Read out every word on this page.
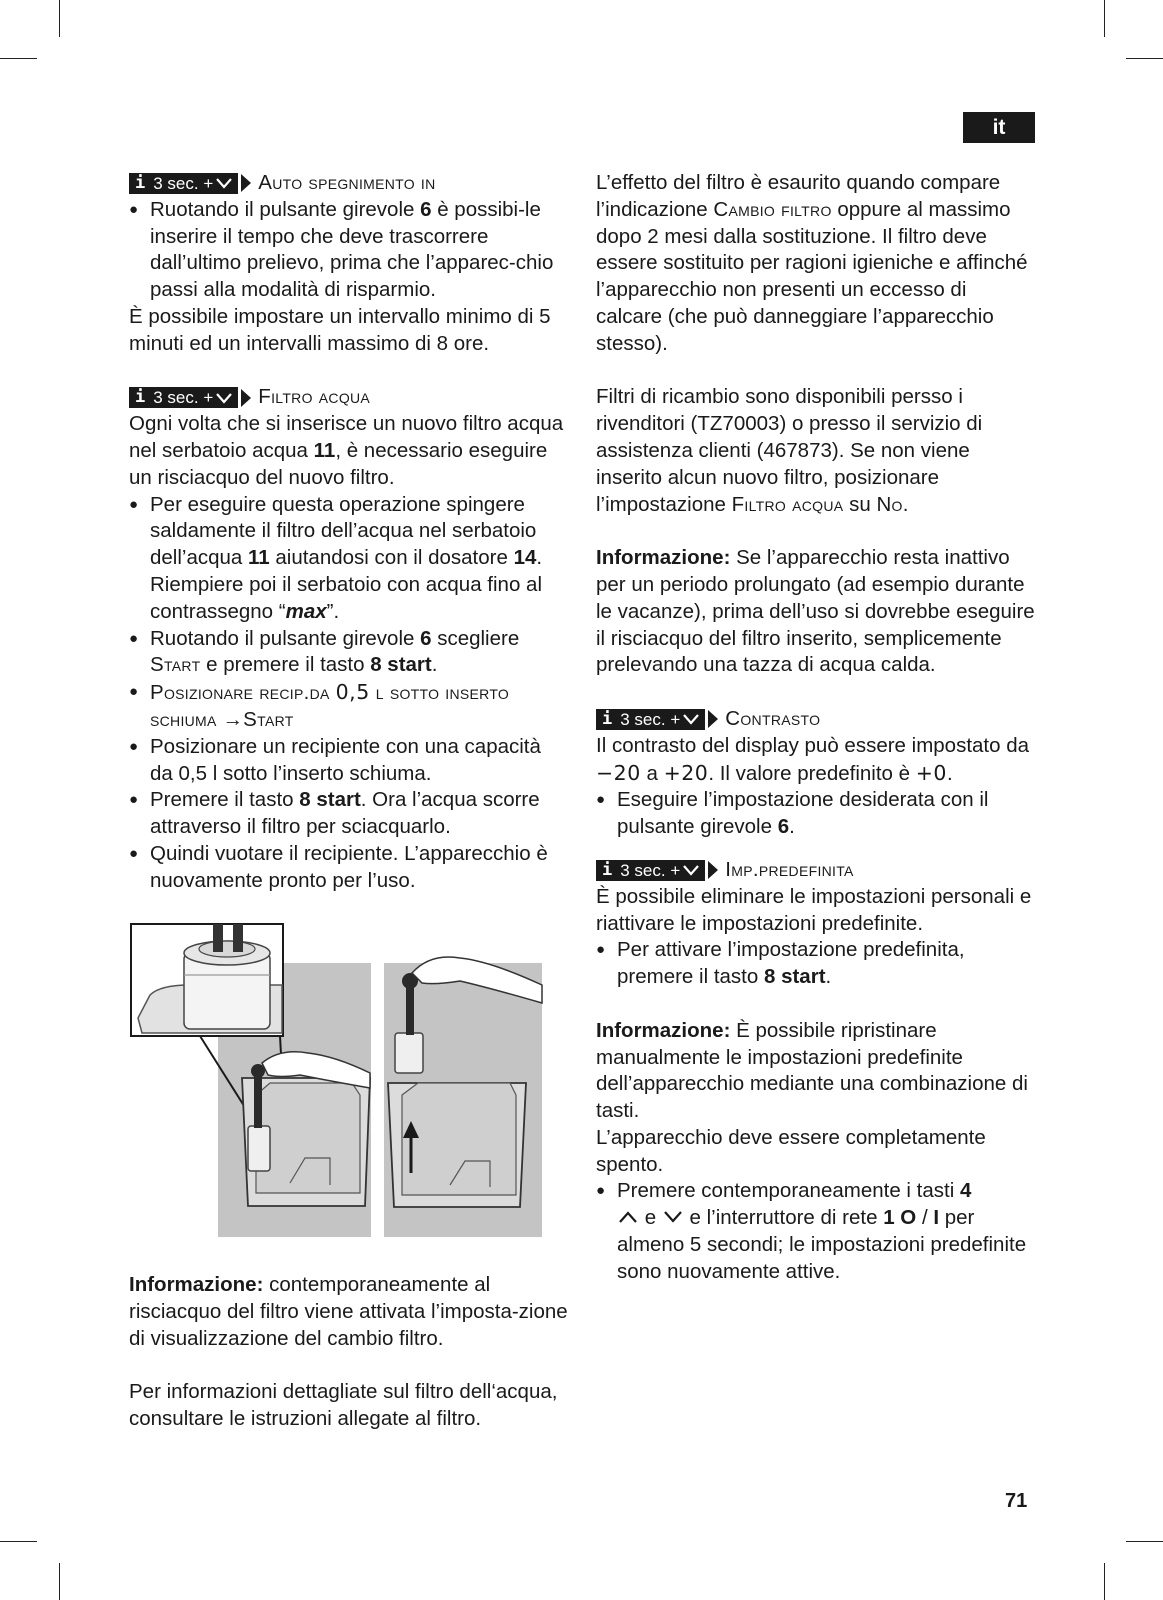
it
i 3 sec. + Auto spegnimento in
● Ruotando il pulsante girevole 6 è possibi-le inserire il tempo che deve trascorrere dall’ultimo prelievo, prima che l’apparec-chio passi alla modalità di risparmio.

È possibile impostare un intervallo minimo di 5 minuti ed un intervalli massimo di 8 ore.

i 3 sec. + Filtro acqua

Ogni volta che si inserisce un nuovo filtro acqua nel serbatoio acqua 11, è necessario eseguire un risciacquo del nuovo filtro.

● Per eseguire questa operazione spingere saldamente il filtro dell’acqua nel serbatoio dell’acqua 11 aiutandosi con il dosatore 14. Riempiere poi il serbatoio con acqua fino al contrassegno “max”.
● Ruotando il pulsante girevole 6 scegliere Start e premere il tasto 8 start.
● Posizionare recip.da 0,5 l sotto inserto schiuma →Start
● Posizionare un recipiente con una capacità da 0,5 l sotto l’inserto schiuma.
● Premere il tasto 8 start. Ora l’acqua scorre attraverso il filtro per sciacquarlo.
● Quindi vuotare il recipiente. L’apparecchio è nuovamente pronto per l’uso.

Informazione: contemporaneamente al risciacquo del filtro viene attivata l’imposta-zione di visualizzazione del cambio filtro.

Per informazioni dettagliate sul filtro dell‘acqua, consultare le istruzioni allegate al filtro.

L’effetto del filtro è esaurito quando compare l’indicazione Cambio filtro oppure al massimo dopo 2 mesi dalla sostituzione. Il filtro deve essere sostituito per ragioni igieniche e affinché l’apparecchio non presenti un eccesso di calcare (che può danneggiare l’apparecchio stesso).

Filtri di ricambio sono disponibili persso i rivenditori (TZ70003) o presso il servizio di assistenza clienti (467873). Se non viene inserito alcun nuovo filtro, posizionare l’impostazione Filtro acqua su No.

Informazione: Se l’apparecchio resta inattivo per un periodo prolungato (ad esempio durante le vacanze), prima dell’uso si dovrebbe eseguire il risciacquo del filtro inserito, semplicemente prelevando una tazza di acqua calda.

i 3 sec. + Contrasto

Il contrasto del display può essere impostato da −20 a +20. Il valore predefinito è +0.

● Eseguire l’impostazione desiderata con il pulsante girevole 6.
i 3 sec. + Imp.predefinita

È possibile eliminare le impostazioni personali e riattivare le impostazioni predefinite.

● Per attivare l’impostazione predefinita, premere il tasto 8 start.

Informazione: È possibile ripristinare manualmente le impostazioni predefinite dell’apparecchio mediante una combinazione di tasti.

L’apparecchio deve essere completamente spento.

● Premere contemporaneamente i tasti 4
e  e l’interruttore di rete 1 O / I per almeno 5 secondi; le impostazioni predefinite sono nuovamente attive.
71
